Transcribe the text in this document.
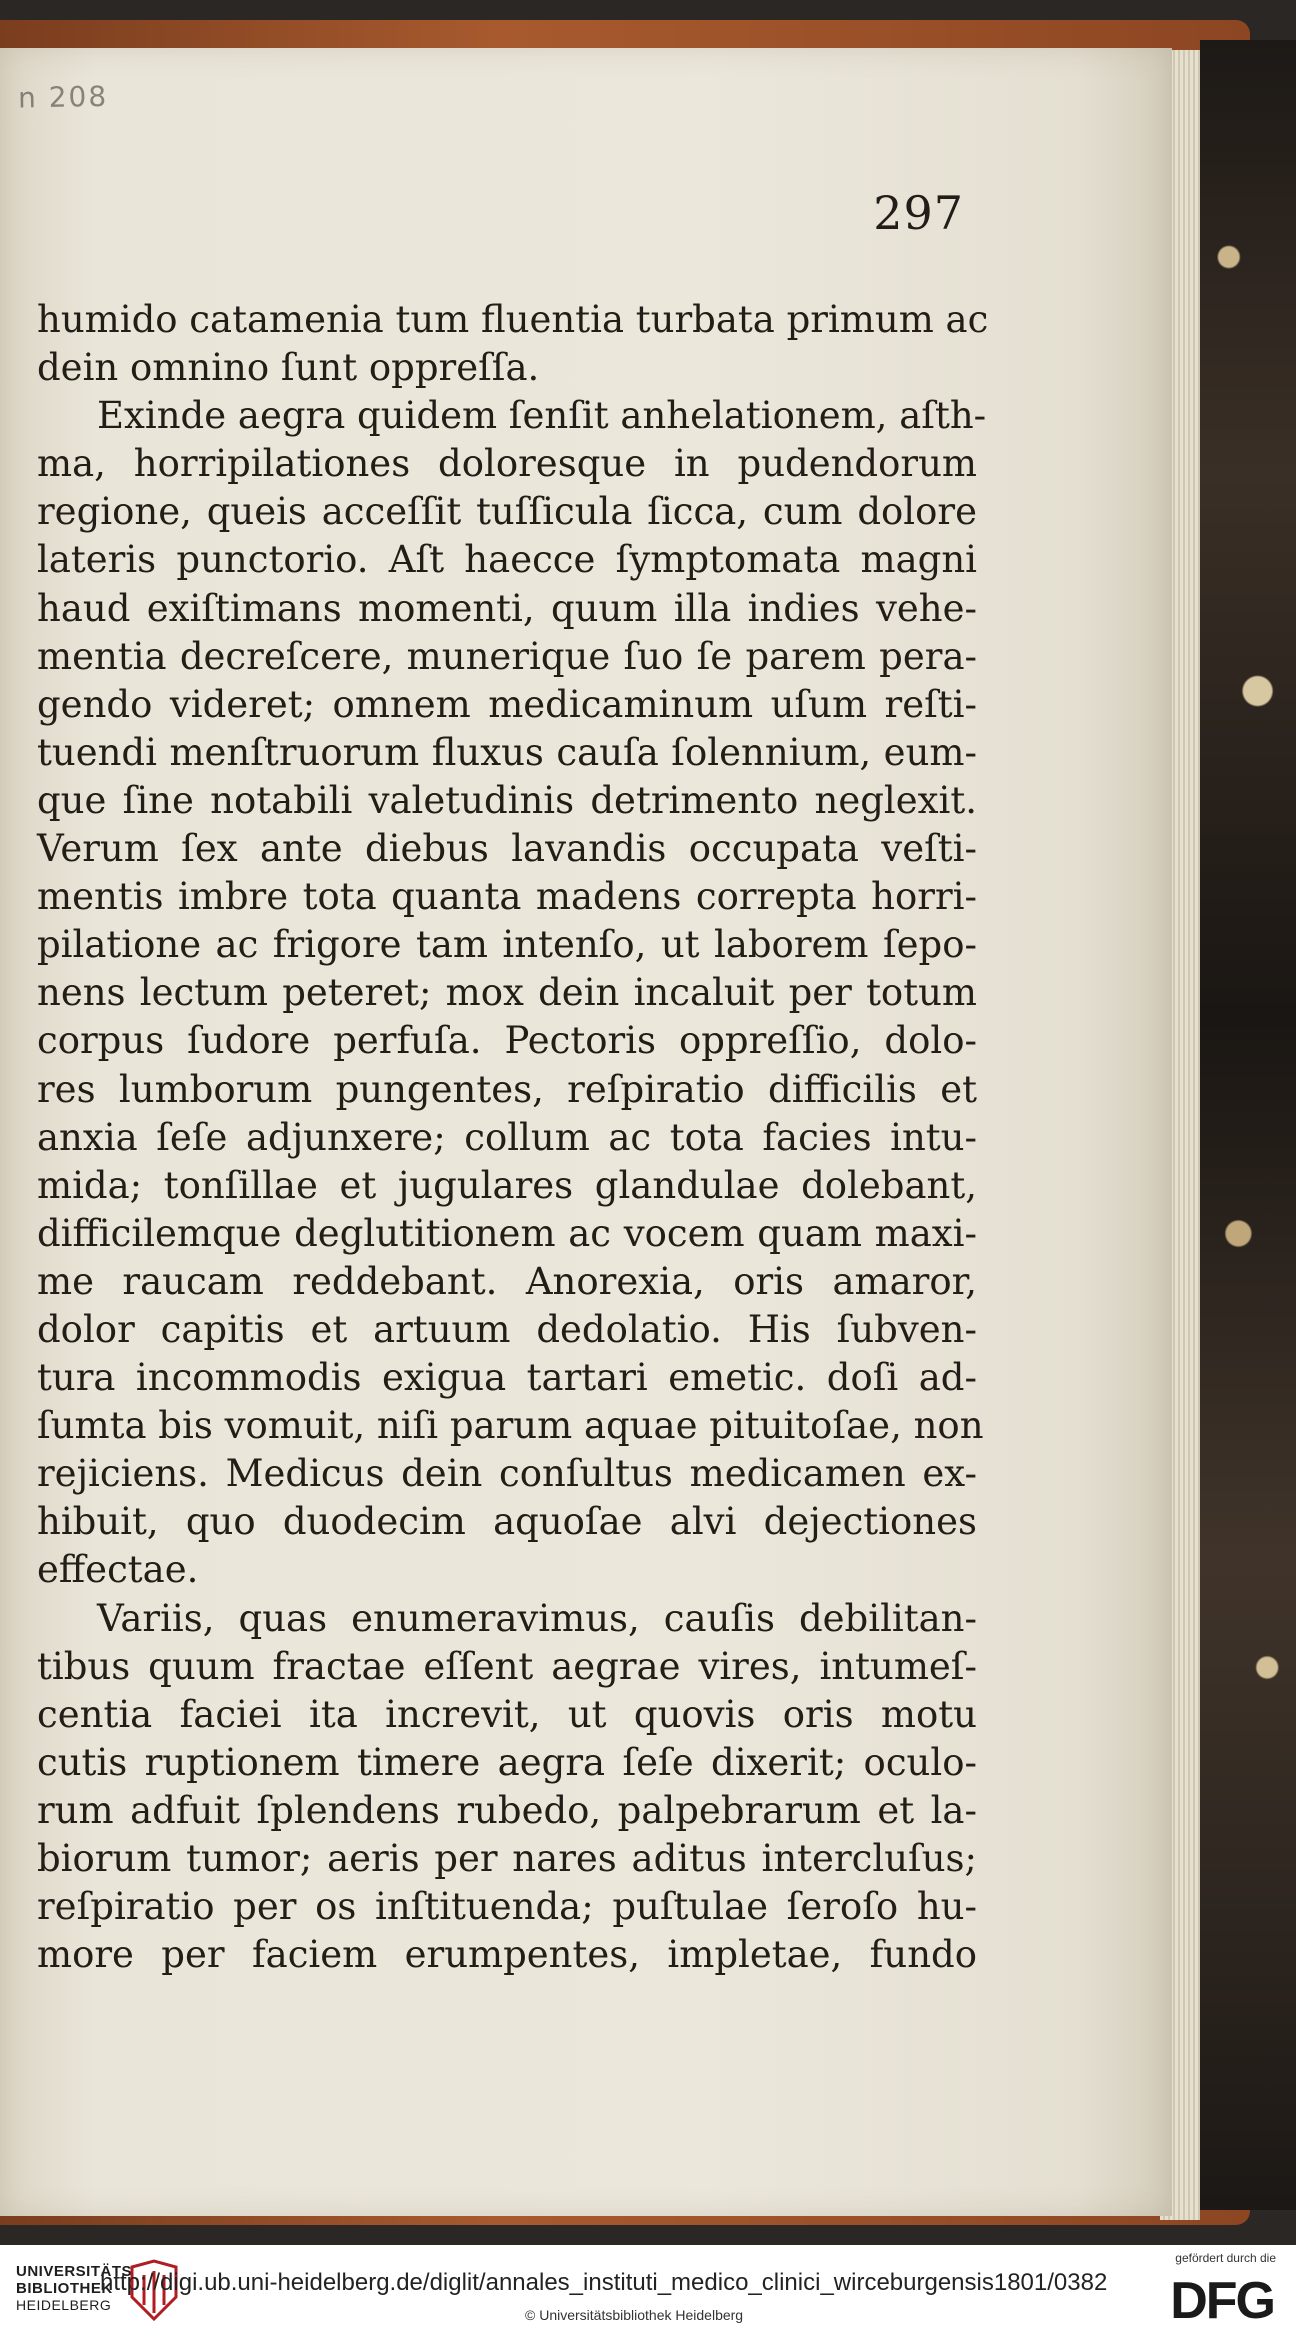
n 208
297
humido catamenia tum fluentia turbata primum ac
dein omnino ſunt oppreſſa.
Exinde aegra quidem ſenſit anhelationem, aſth-
ma, horripilationes doloresque in pudendorum
regione, queis acceſſit tuſſicula ſicca, cum dolore
lateris punctorio. Aſt haecce ſymptomata magni
haud exiſtimans momenti, quum illa indies vehe-
mentia decreſcere, munerique ſuo ſe parem pera-
gendo videret; omnem medicaminum uſum reſti-
tuendi menſtruorum fluxus cauſa ſolennium, eum-
que ſine notabili valetudinis detrimento neglexit.
Verum ſex ante diebus lavandis occupata veſti-
mentis imbre tota quanta madens correpta horri-
pilatione ac frigore tam intenſo, ut laborem ſepo-
nens lectum peteret; mox dein incaluit per totum
corpus ſudore perfuſa. Pectoris oppreſſio, dolo-
res lumborum pungentes, reſpiratio difficilis et
anxia ſeſe adjunxere; collum ac tota facies intu-
mida; tonſillae et jugulares glandulae dolebant,
difficilemque deglutitionem ac vocem quam maxi-
me raucam reddebant. Anorexia, oris amaror,
dolor capitis et artuum dedolatio. His ſubven-
tura incommodis exigua tartari emetic. doſi ad-
ſumta bis vomuit, niſi parum aquae pituitoſae, non
rejiciens. Medicus dein conſultus medicamen ex-
hibuit, quo duodecim aquoſae alvi dejectiones
effectae.
Variis, quas enumeravimus, cauſis debilitan-
tibus quum fractae eſſent aegrae vires, intumeſ-
centia faciei ita increvit, ut quovis oris motu
cutis ruptionem timere aegra ſeſe dixerit; oculo-
rum adfuit ſplendens rubedo, palpebrarum et la-
biorum tumor; aeris per nares aditus intercluſus;
reſpiratio per os inſtituenda; puſtulae ſeroſo hu-
more per faciem erumpentes, impletae, fundo
UNIVERSITÄTS
BIBLIOTHEK
HEIDELBERG
http://digi.ub.uni-heidelberg.de/diglit/annales_instituti_medico_clinici_wirceburgensis1801/0382
© Universitätsbibliothek Heidelberg
gefördert durch die
DFG
